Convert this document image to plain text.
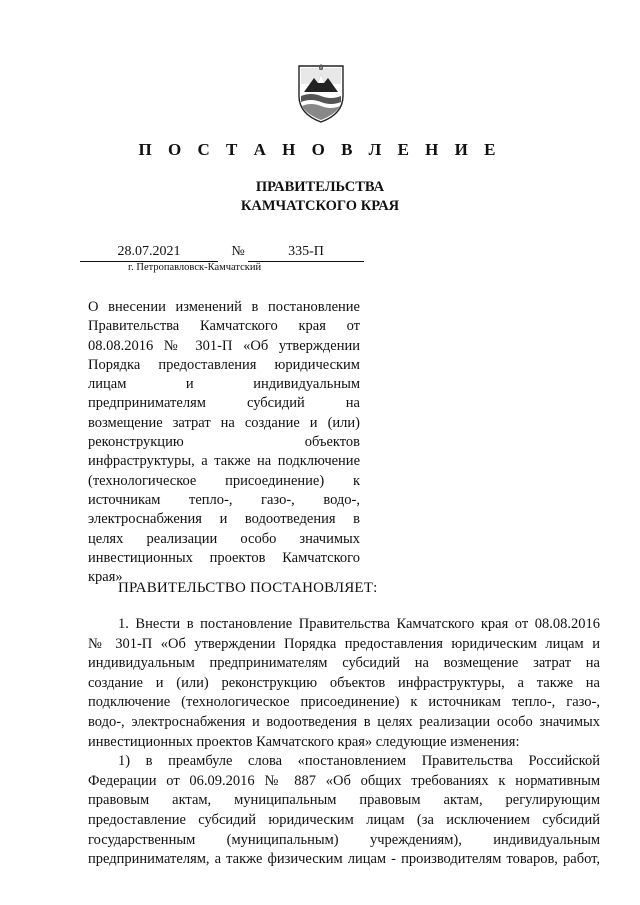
П О С Т А Н О В Л Е Н И Е
ПРАВИТЕЛЬСТВА
КАМЧАТСКОГО КРАЯ
28.07.2021	№	335-П
г. Петропавловск-Камчатский
О внесении изменений в постановление
Правительства Камчатского края от
08.08.2016 № 301-П «Об утверждении
Порядка предоставления юридическим
лицам и индивидуальным
предпринимателям субсидий на
возмещение затрат на создание и (или)
реконструкцию объектов
инфраструктуры, а также на подключение
(технологическое присоединение) к
источникам тепло-, газо-, водо-,
электроснабжения и водоотведения в
целях реализации особо значимых
инвестиционных проектов Камчатского
края»
ПРАВИТЕЛЬСТВО ПОСТАНОВЛЯЕТ:
1. Внести в постановление Правительства Камчатского края от 08.08.2016
№ 301-П «Об утверждении Порядка предоставления юридическим лицам и
индивидуальным предпринимателям субсидий на возмещение затрат на
создание и (или) реконструкцию объектов инфраструктуры, а также на
подключение (технологическое присоединение) к источникам тепло-, газо-,
водо-, электроснабжения и водоотведения в целях реализации особо значимых
инвестиционных проектов Камчатского края» следующие изменения:
1) в преамбуле слова «постановлением Правительства Российской
Федерации от 06.09.2016 № 887 «Об общих требованиях к нормативным
правовым актам, муниципальным правовым актам, регулирующим
предоставление субсидий юридическим лицам (за исключением субсидий
государственным (муниципальным) учреждениям), индивидуальным
предпринимателям, а также физическим лицам - производителям товаров, работ,
